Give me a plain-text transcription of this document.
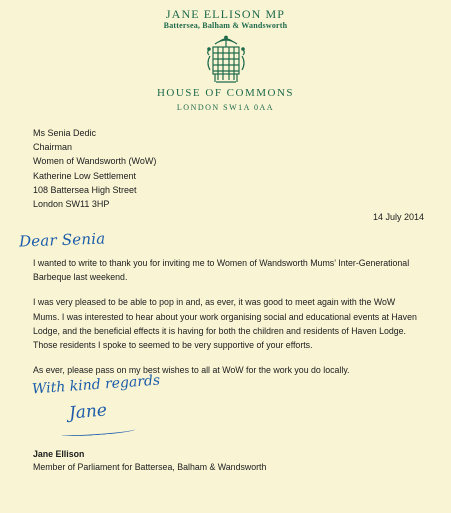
JANE ELLISON MP
Battersea, Balham & Wandsworth
HOUSE OF COMMONS
LONDON SW1A 0AA
Ms Senia Dedic
Chairman
Women of Wandsworth (WoW)
Katherine Low Settlement
108 Battersea High Street
London SW11 3HP
14 July 2014
Dear Senia

I wanted to write to thank you for inviting me to Women of Wandsworth Mums’ Inter-Generational Barbeque last weekend.

I was very pleased to be able to pop in and, as ever, it was good to meet again with the WoW Mums. I was interested to hear about your work organising social and educational events at Haven Lodge, and the beneficial effects it is having for both the children and residents of Haven Lodge. Those residents I spoke to seemed to be very supportive of your efforts.

As ever, please pass on my best wishes to all at WoW for the work you do locally.

With kind regards
Jane
Jane Ellison
Member of Parliament for Battersea, Balham & Wandsworth
